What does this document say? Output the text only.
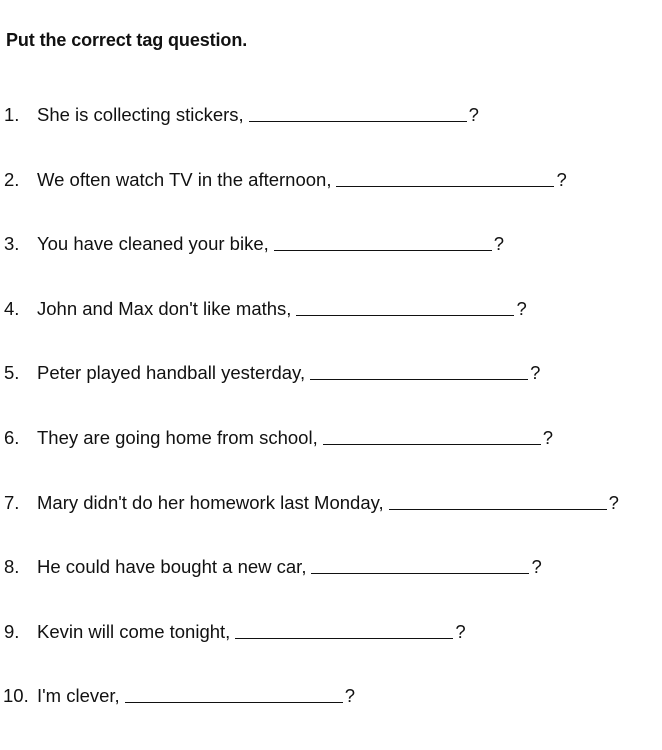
Put the correct tag question.
1. She is collecting stickers,	?
2. We often watch TV in the afternoon,	?
3. You have cleaned your bike,	?
4. John and Max don't like maths,	?
5. Peter played handball yesterday,	?
6. They are going home from school,	?
7. Mary didn't do her homework last Monday,	?
8. He could have bought a new car,	?
9. Kevin will come tonight,	?
10. I'm clever,	?
